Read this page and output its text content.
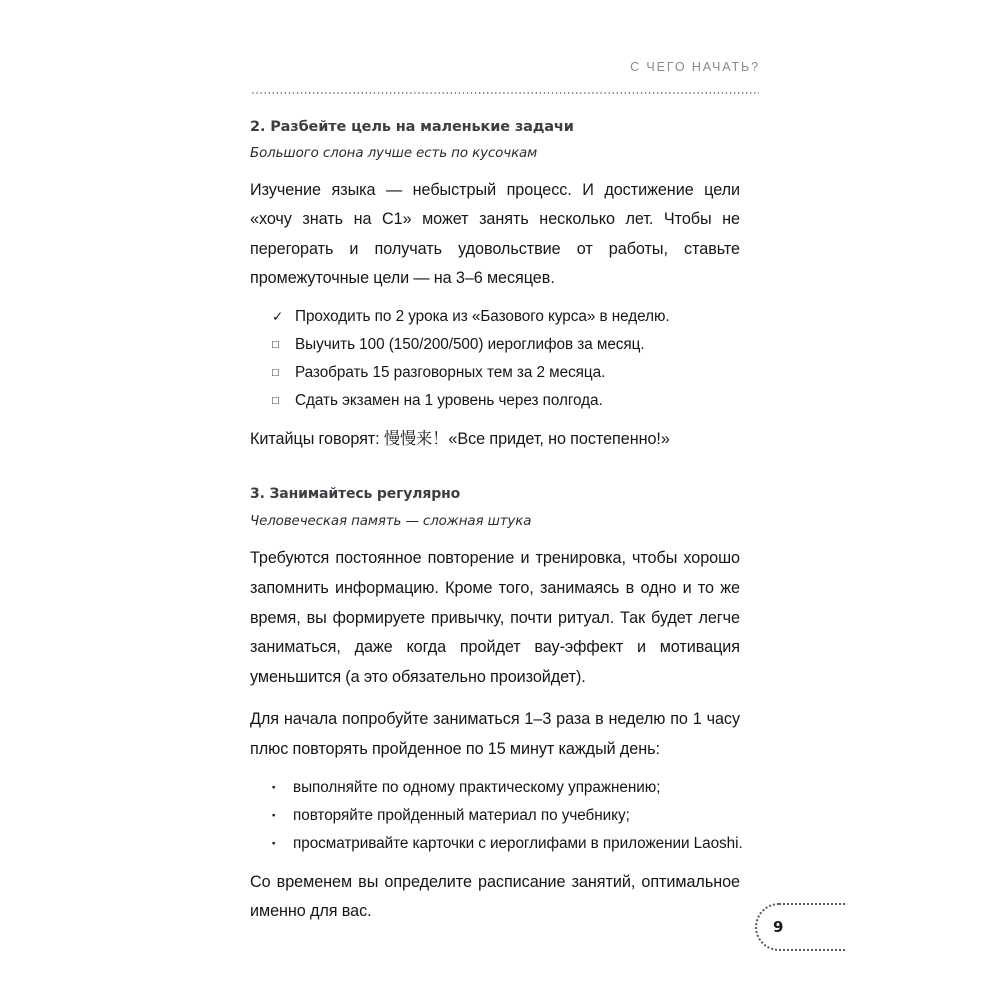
С ЧЕГО НАЧАТЬ?
2. Разбейте цель на маленькие задачи

Большого слона лучше есть по кусочкам

Изучение языка — небыстрый процесс. И достижение цели «хочу знать на C1» может занять несколько лет. Чтобы не перегорать и получать удовольствие от работы, ставьте промежуточные цели — на 3–6 месяцев.

✓ Проходить по 2 урока из «Базового курса» в неделю.
□	Выучить 100 (150/200/500) иероглифов за месяц.
□	Разобрать 15 разговорных тем за 2 месяца.
□	Сдать экзамен на 1 уровень через полгода.

Китайцы говорят: 慢慢来！«Все придет, но постепенно!»

3. Занимайтесь регулярно

Человеческая память — сложная штука

Требуются постоянное повторение и тренировка, чтобы хорошо запомнить информацию. Кроме того, занимаясь в одно и то же время, вы формируете привычку, почти ритуал. Так будет легче заниматься, даже когда пройдет вау-эффект и мотивация уменьшится (а это обязательно произойдет).

Для начала попробуйте заниматься 1–3 раза в неделю по 1 часу плюс повторять пройденное по 15 минут каждый день:

▪	выполняйте по одному практическому упражнению;
▪	повторяйте пройденный материал по учебнику;
▪	просматривайте карточки с иероглифами в приложении Laoshi.

Со временем вы определите расписание занятий, оптимальное именно для вас.

9
